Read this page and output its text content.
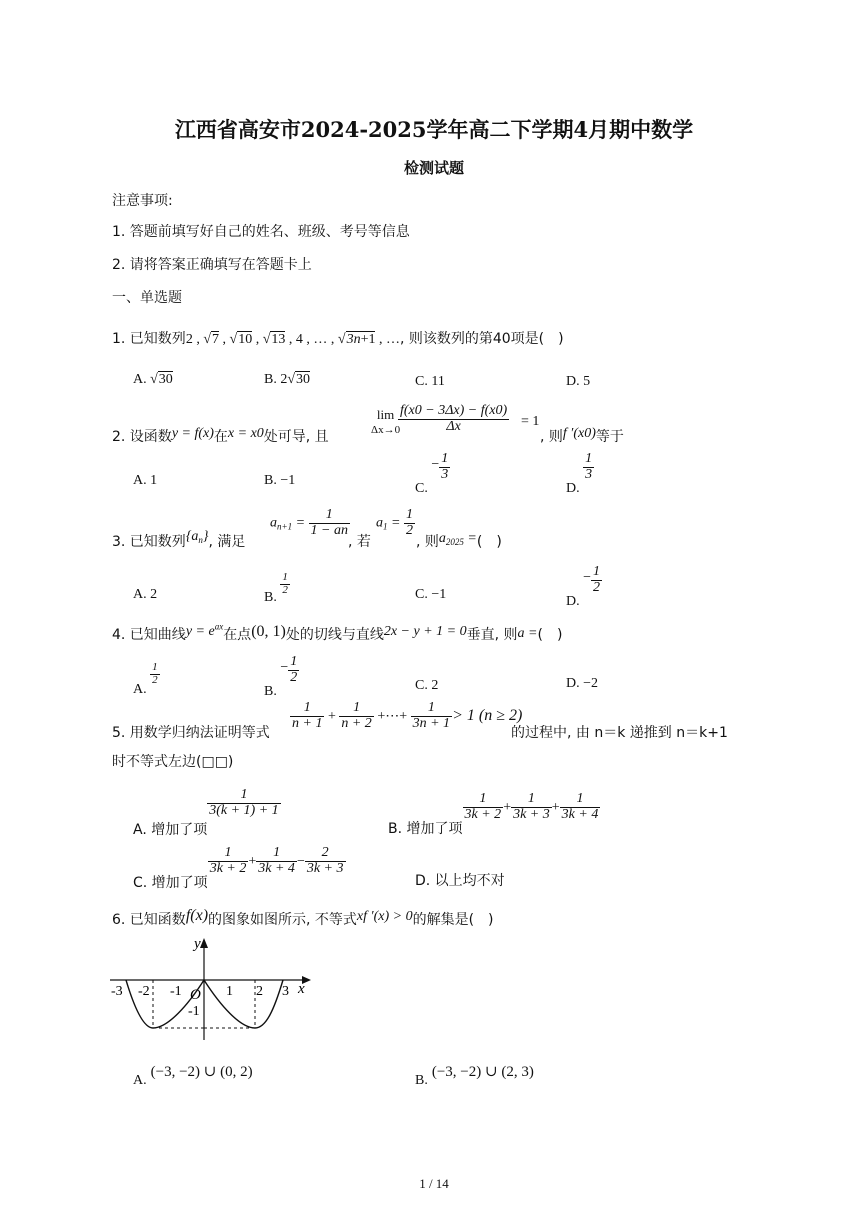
江西省高安市2024-2025学年高二下学期4月期中数学
检测试题
注意事项:
1. 答题前填写好自己的姓名、班级、考号等信息
2. 请将答案正确填写在答题卡上
一、单选题
1. 已知数列2 , √7 , √10 , √13 , 4 , … , √3n+1 , …, 则该数列的第40项是(　)
A. √30	B. 2√30	C. 11	D. 5
2. 设函数y = f(x)在x = x0处可导, 且
lim
Δx→0
$\frac{f(x0 - 3\Delta x) - f(x0)}{\Delta x} = 1$
, 则f ′(x0)等于
A. 1	B. −1
C. − $\frac{1}{3}$
D.
$\frac{1}{3}$
3. 已知数列$\{a_n\}$, 满足
$a_{n+1} = \frac{1}{1 - an}$
, 若
$a_1 = \frac{1}{2}$
, 则$a_{2025}$ =(　)
A. 2	B.
$\frac{1}{2}$	C. −1	D. − $\frac{1}{2}$
4. 已知曲线$y = e^{ax}$在点(0, 1)处的切线与直线2x − y + 1 = 0垂直, 则a =(　)
A.
$\frac{1}{2}$
B. − $\frac{1}{2}$
C. 2	D. −2
5. 用数学归纳法证明等式
$\frac{1}{n + 1} + \frac{1}{n + 2}$ +⋯+ $\frac{1}{3n + 1} > 1$ (n ≥ 2)
的过程中, 由 n＝k 递推到 n＝k+1
时不等式左边(□□)
A. 增加了项
$\frac{1}{3(k + 1) + 1}$
B. 增加了项
$\frac{1}{3k + 2} + \frac{1}{3k + 3} + \frac{1}{3k + 4}$
C. 增加了项
$\frac{1}{3k + 2} + \frac{1}{3k + 4} - \frac{2}{3k + 3}$
D. 以上均不对
6. 已知函数f(x)的图象如图所示, 不等式xf ′(x) > 0的解集是(　)
y
x
O
-3 -2 -1	1 2 3
-1
A.(−3, −2) ∪ (0, 2)
B.(−3, −2) ∪ (2, 3)
1 / 14
